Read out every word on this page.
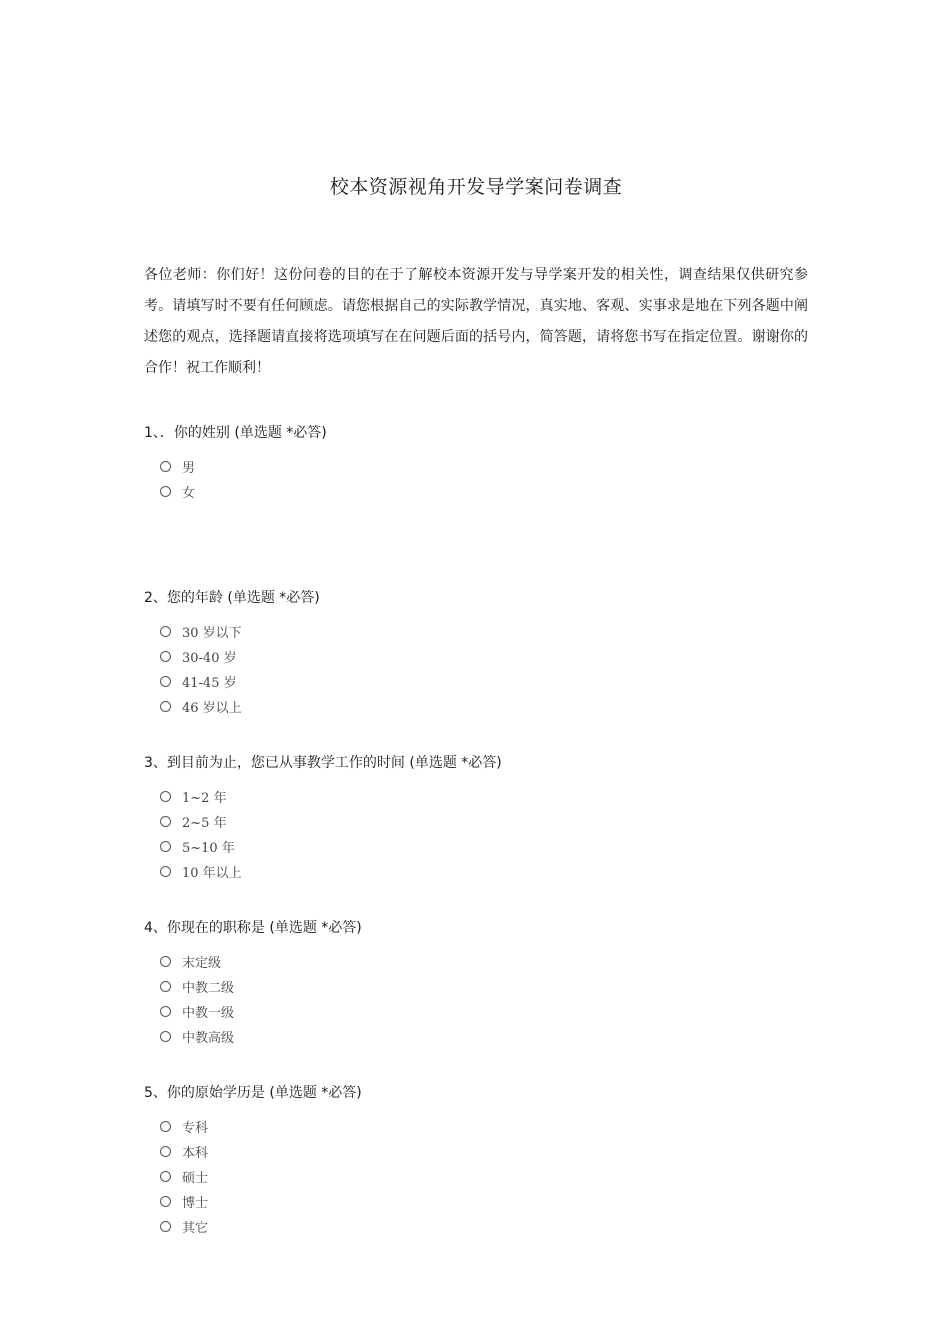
校本资源视角开发导学案问卷调查

各位老师：你们好！这份问卷的目的在于了解校本资源开发与导学案开发的相关性，调查结果仅供研究参考。请填写时不要有任何顾虑。请您根据自己的实际教学情况，真实地、客观、实事求是地在下列各题中阐述您的观点，选择题请直接将选项填写在在问题后面的括号内，简答题，请将您书写在指定位置。谢谢你的合作！祝工作顺利！

1、．你的姓别 (单选题 *必答)

男
女

2、您的年龄 (单选题 *必答)

30 岁以下
30-40 岁
41-45 岁
46 岁以上

3、到目前为止，您已从事教学工作的时间 (单选题 *必答)

1~2 年
2~5 年
5~10 年
10 年以上

4、你现在的职称是 (单选题 *必答)

末定级
中教二级
中教一级
中教高级

5、你的原始学历是 (单选题 *必答)

专科
本科
硕士
博士
其它
